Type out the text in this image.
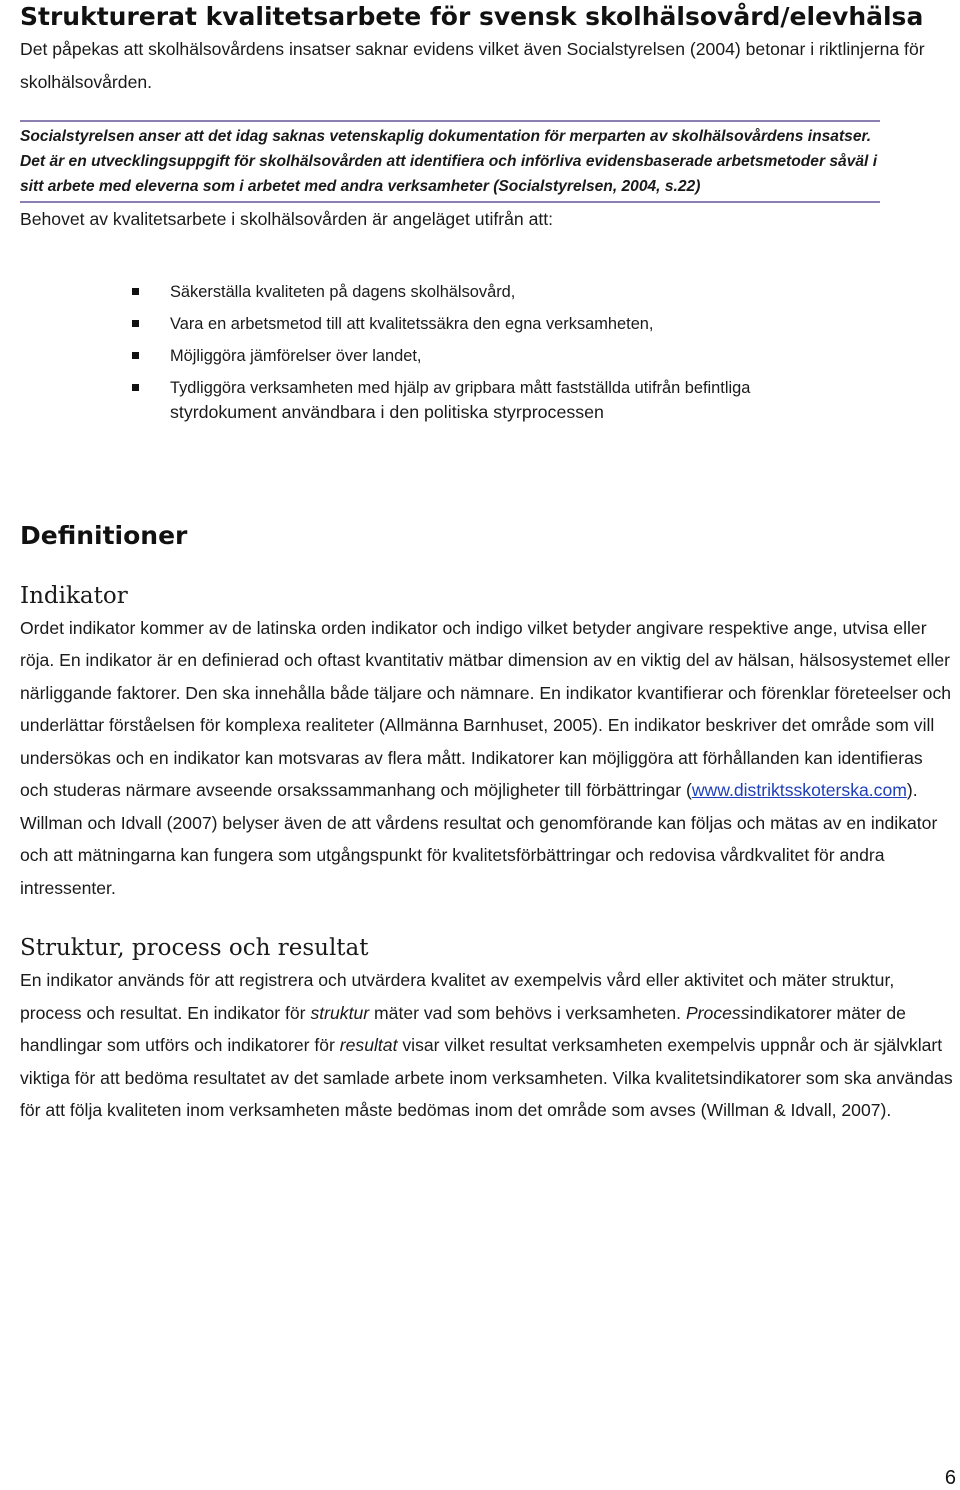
Strukturerat kvalitetsarbete för svensk skolhälsovård/elevhälsa

Det påpekas att skolhälsovårdens insatser saknar evidens vilket även Socialstyrelsen (2004) betonar i riktlinjerna för skolhälsovården.

Socialstyrelsen anser att det idag saknas vetenskaplig dokumentation för merparten av skolhälsovårdens insatser. Det är en utvecklingsuppgift för skolhälsovården att identifiera och införliva evidensbaserade arbetsmetoder såväl i sitt arbete med eleverna som i arbetet med andra verksamheter (Socialstyrelsen, 2004, s.22)

Behovet av kvalitetsarbete i skolhälsovården är angeläget utifrån att:

Säkerställa kvaliteten på dagens skolhälsovård,
Vara en arbetsmetod till att kvalitetssäkra den egna verksamheten,
Möjliggöra jämförelser över landet,
Tydliggöra verksamheten med hjälp av gripbara mått fastställda utifrån befintliga
styrdokument användbara i den politiska styrprocessen
Definitioner
Indikator

Ordet indikator kommer av de latinska orden indikator och indigo vilket betyder angivare respektive ange, utvisa eller röja. En indikator är en definierad och oftast kvantitativ mätbar dimension av en viktig del av hälsan, hälsosystemet eller närliggande faktorer. Den ska innehålla både täljare och nämnare. En indikator kvantifierar och förenklar företeelser och underlättar förståelsen för komplexa realiteter (Allmänna Barnhuset, 2005). En indikator beskriver det område som vill undersökas och en indikator kan motsvaras av flera mått. Indikatorer kan möjliggöra att förhållanden kan identifieras och studeras närmare avseende orsakssammanhang och möjligheter till förbättringar (www.distriktsskoterska.com).

Willman och Idvall (2007) belyser även de att vårdens resultat och genomförande kan följas och mätas av en indikator och att mätningarna kan fungera som utgångspunkt för kvalitetsförbättringar och redovisa vårdkvalitet för andra intressenter.

Struktur, process och resultat

En indikator används för att registrera och utvärdera kvalitet av exempelvis vård eller aktivitet och mäter struktur, process och resultat. En indikator för struktur mäter vad som behövs i verksamheten. Processindikatorer mäter de handlingar som utförs och indikatorer för resultat visar vilket resultat verksamheten exempelvis uppnår och är självklart viktiga för att bedöma resultatet av det samlade arbete inom verksamheten. Vilka kvalitetsindikatorer som ska användas för att följa kvaliteten inom verksamheten måste bedömas inom det område som avses (Willman & Idvall, 2007).

6
